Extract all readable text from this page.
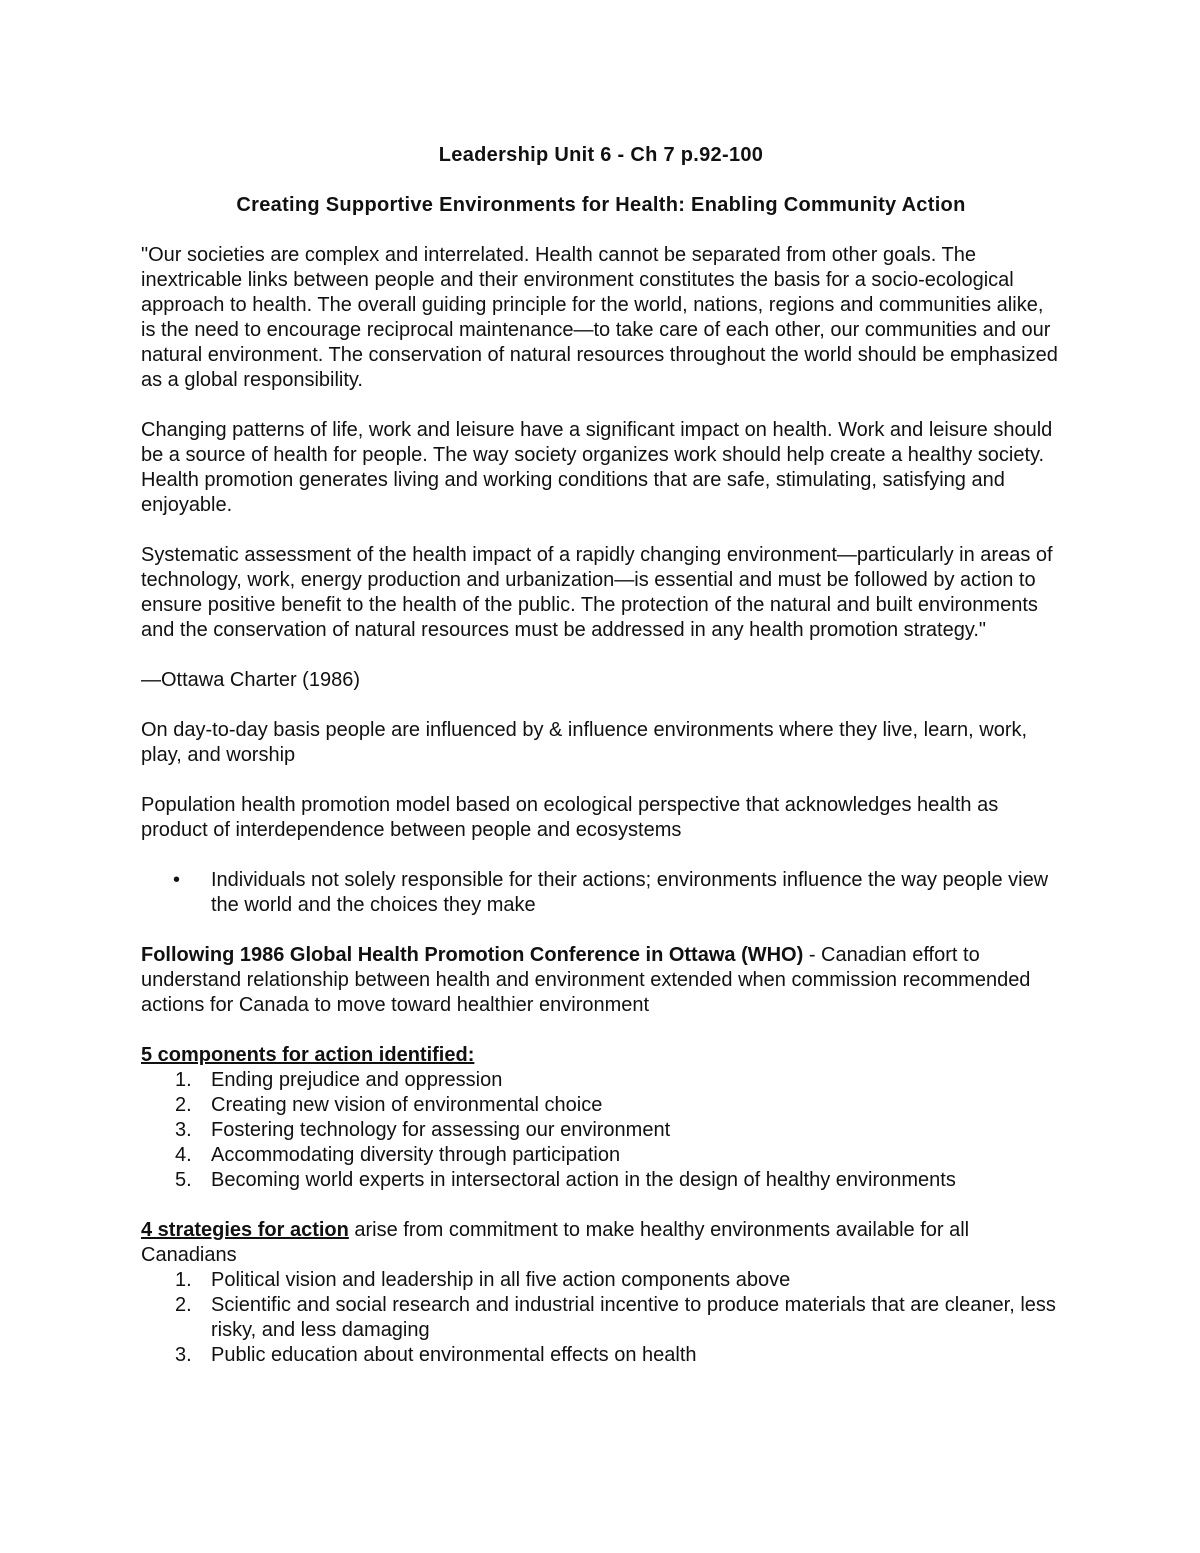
Leadership Unit 6 - Ch 7 p.92-100
Creating Supportive Environments for Health: Enabling Community Action

"Our societies are complex and interrelated. Health cannot be separated from other goals. The inextricable links between people and their environment constitutes the basis for a socio-ecological approach to health. The overall guiding principle for the world, nations, regions and communities alike, is the need to encourage reciprocal maintenance—to take care of each other, our communities and our natural environment. The conservation of natural resources throughout the world should be emphasized as a global responsibility.

Changing patterns of life, work and leisure have a significant impact on health. Work and leisure should be a source of health for people. The way society organizes work should help create a healthy society. Health promotion generates living and working conditions that are safe, stimulating, satisfying and enjoyable.

Systematic assessment of the health impact of a rapidly changing environment—particularly in areas of technology, work, energy production and urbanization—is essential and must be followed by action to ensure positive benefit to the health of the public. The protection of the natural and built environments and the conservation of natural resources must be addressed in any health promotion strategy."

—Ottawa Charter (1986)

On day-to-day basis people are influenced by & influence environments where they live, learn, work, play, and worship

Population health promotion model based on ecological perspective that acknowledges health as product of interdependence between people and ecosystems

• Individuals not solely responsible for their actions; environments influence the way people view the world and the choices they make

Following 1986 Global Health Promotion Conference in Ottawa (WHO) - Canadian effort to understand relationship between health and environment extended when commission recommended actions for Canada to move toward healthier environment

5 components for action identified:
1. Ending prejudice and oppression
2. Creating new vision of environmental choice
3. Fostering technology for assessing our environment
4. Accommodating diversity through participation
5. Becoming world experts in intersectoral action in the design of healthy environments
4 strategies for action arise from commitment to make healthy environments available for all Canadians
1. Political vision and leadership in all five action components above
2. Scientific and social research and industrial incentive to produce materials that are cleaner, less risky, and less damaging
3. Public education about environmental effects on health
